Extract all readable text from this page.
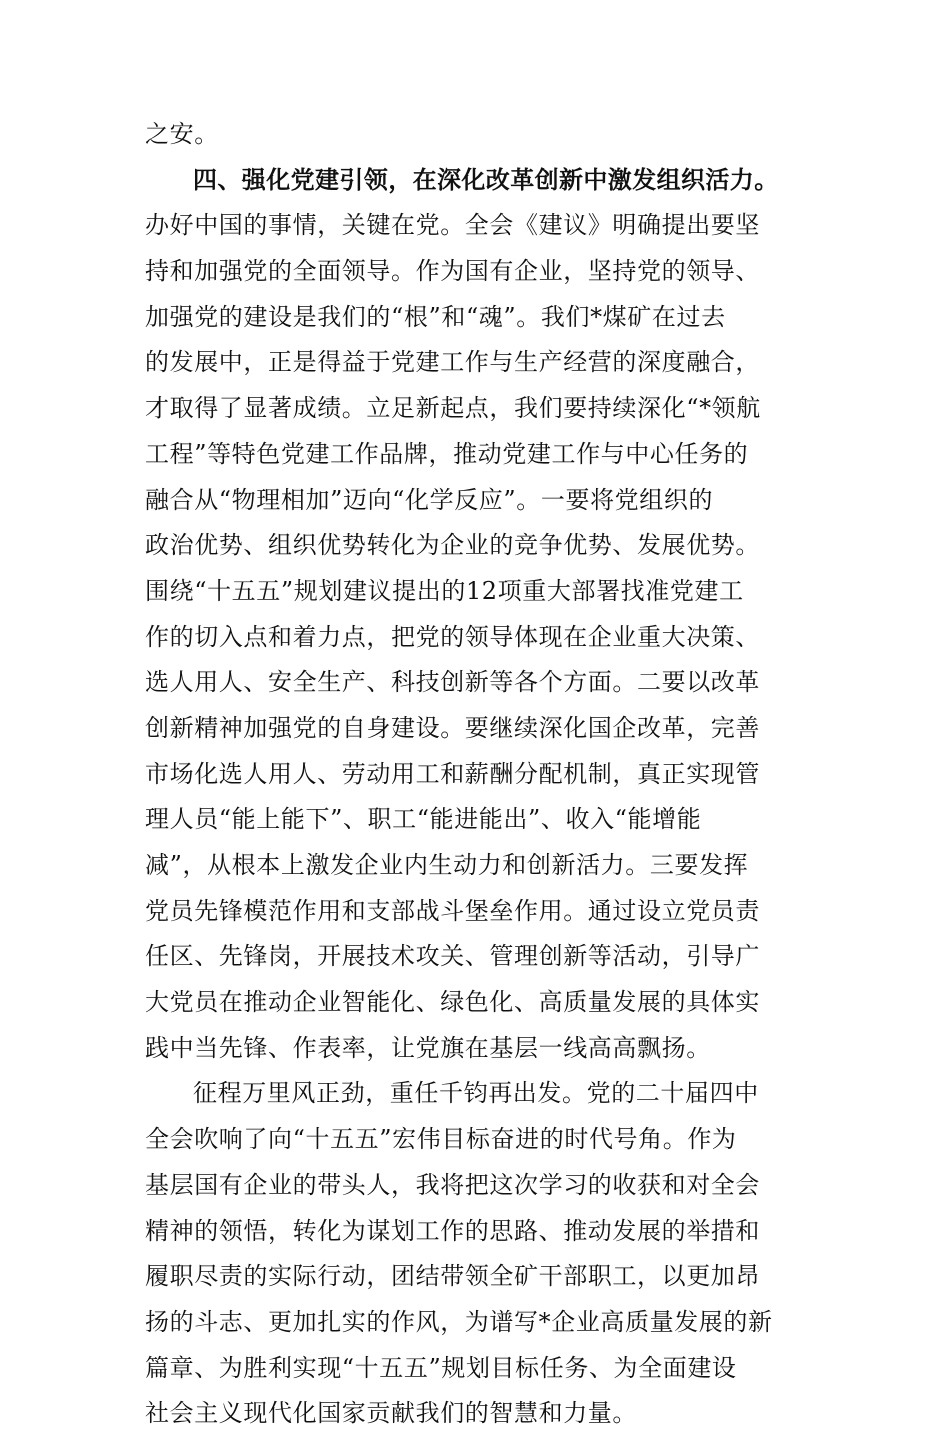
之安。
四、强化党建引领，在深化改革创新中激发组织活力。
办好中国的事情，关键在党。全会《建议》明确提出要坚
持和加强党的全面领导。作为国有企业，坚持党的领导、
加强党的建设是我们的“根”和“魂”。我们*煤矿在过去
的发展中，正是得益于党建工作与生产经营的深度融合，
才取得了显著成绩。立足新起点，我们要持续深化“*领航
工程”等特色党建工作品牌，推动党建工作与中心任务的
融合从“物理相加”迈向“化学反应”。一要将党组织的
政治优势、组织优势转化为企业的竞争优势、发展优势。
围绕“十五五”规划建议提出的12项重大部署找准党建工
作的切入点和着力点，把党的领导体现在企业重大决策、
选人用人、安全生产、科技创新等各个方面。二要以改革
创新精神加强党的自身建设。要继续深化国企改革，完善
市场化选人用人、劳动用工和薪酬分配机制，真正实现管
理人员“能上能下”、职工“能进能出”、收入“能增能
减”，从根本上激发企业内生动力和创新活力。三要发挥
党员先锋模范作用和支部战斗堡垒作用。通过设立党员责
任区、先锋岗，开展技术攻关、管理创新等活动，引导广
大党员在推动企业智能化、绿色化、高质量发展的具体实
践中当先锋、作表率，让党旗在基层一线高高飘扬。
征程万里风正劲，重任千钧再出发。党的二十届四中
全会吹响了向“十五五”宏伟目标奋进的时代号角。作为
基层国有企业的带头人，我将把这次学习的收获和对全会
精神的领悟，转化为谋划工作的思路、推动发展的举措和
履职尽责的实际行动，团结带领全矿干部职工，以更加昂
扬的斗志、更加扎实的作风，为谱写*企业高质量发展的新
篇章、为胜利实现“十五五”规划目标任务、为全面建设
社会主义现代化国家贡献我们的智慧和力量。
